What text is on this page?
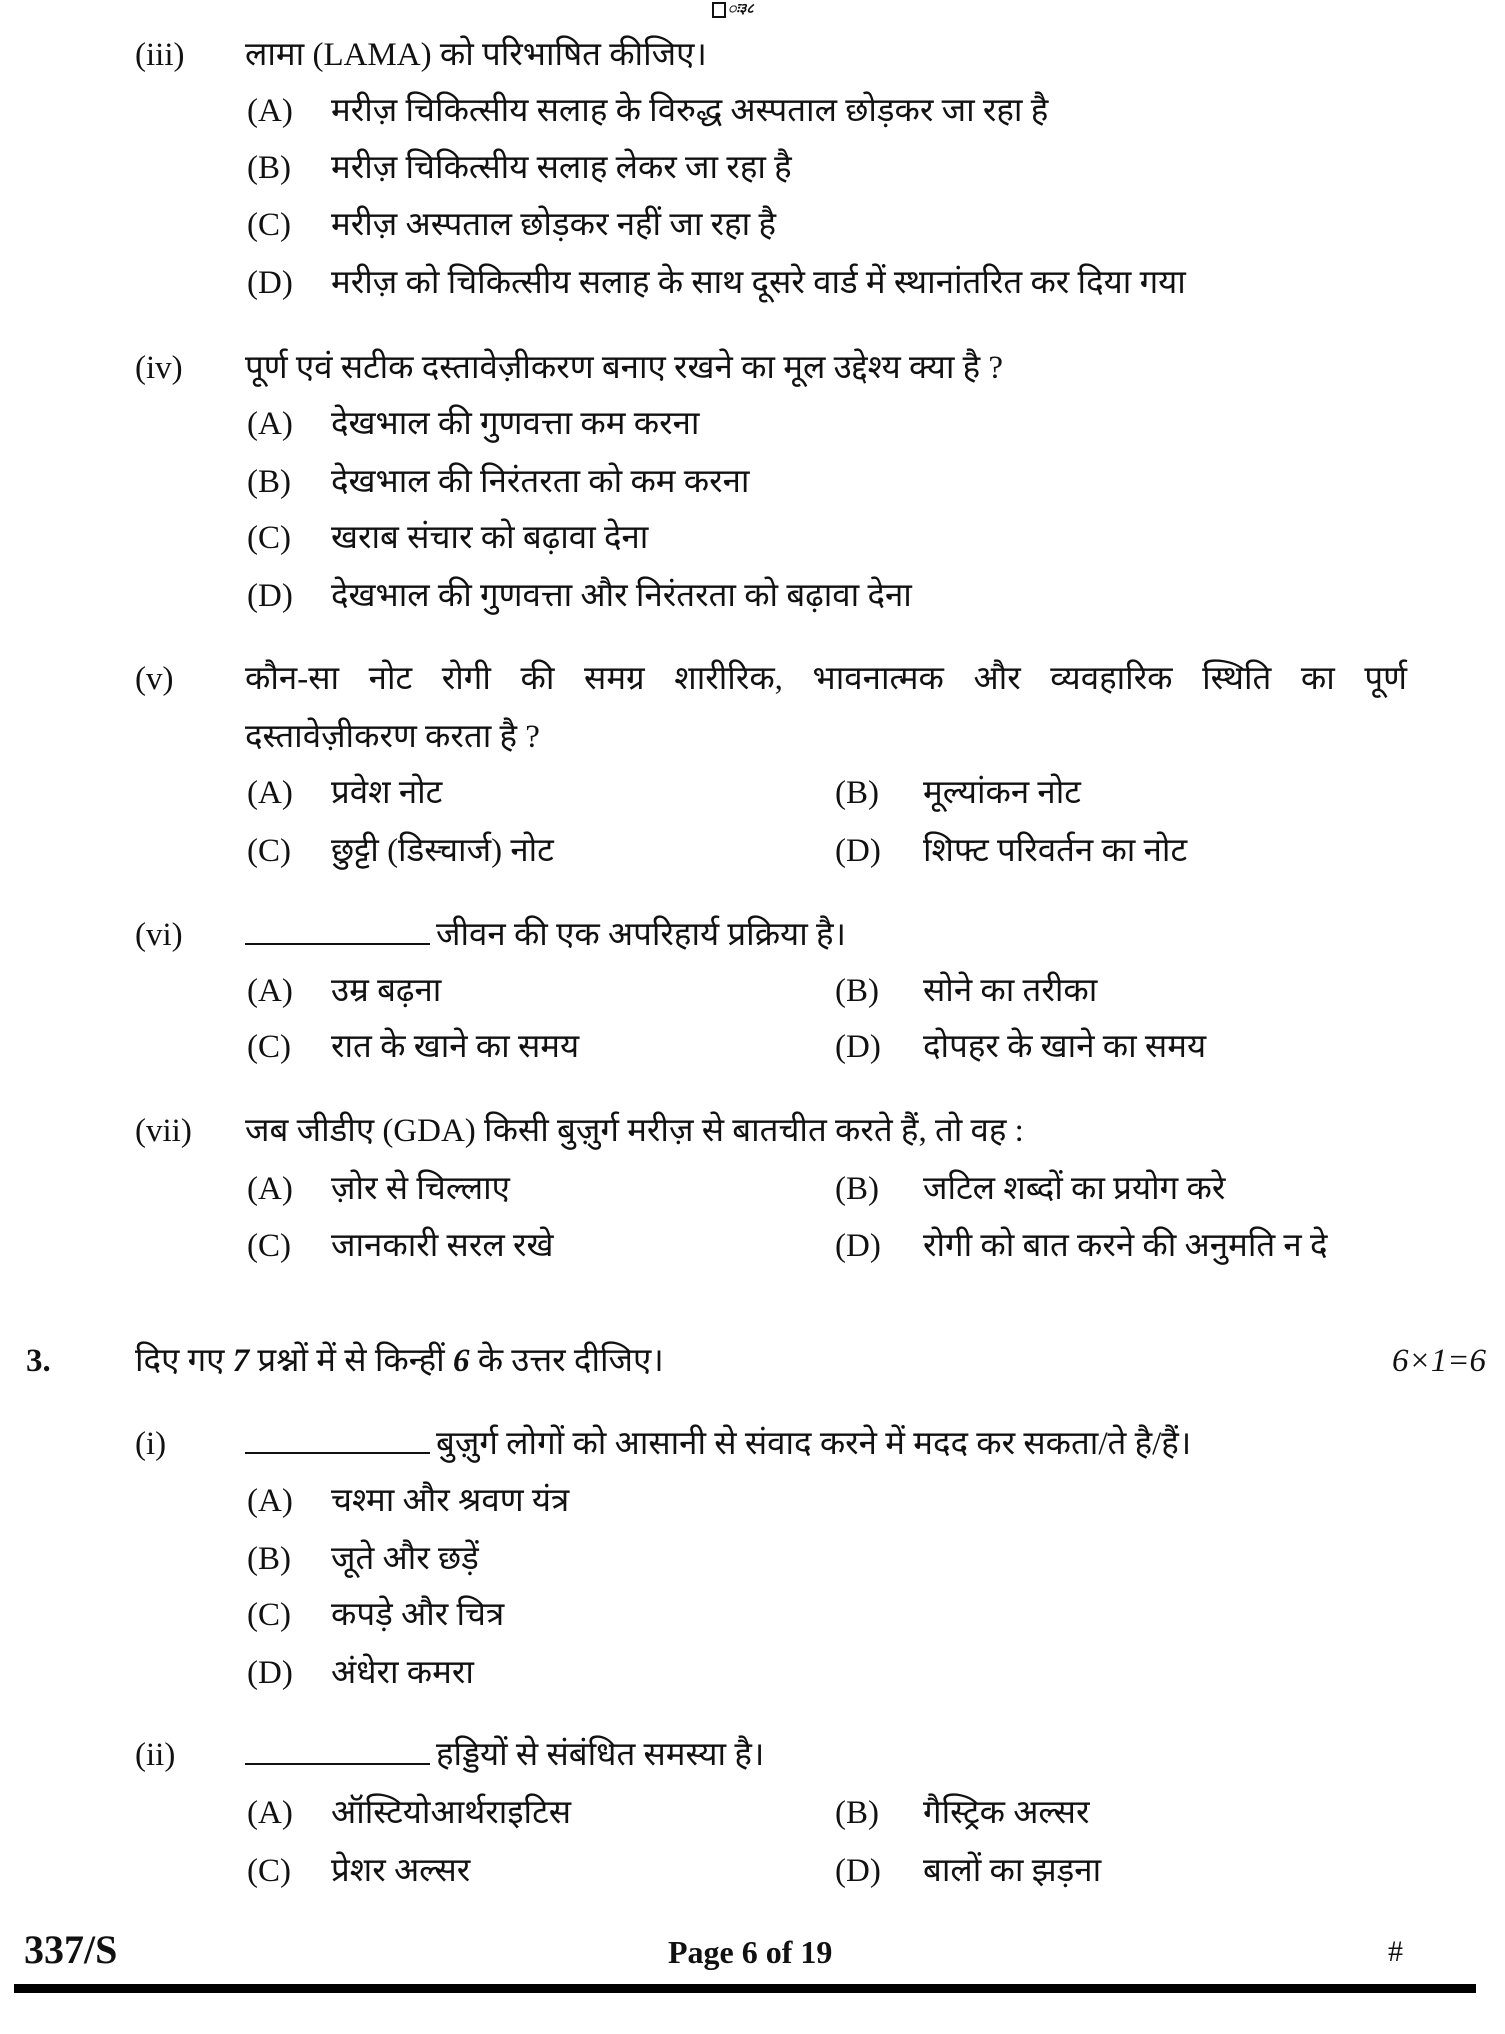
ः३८
(iii) लामा (LAMA) को परिभाषित कीजिए।
(A) मरीज़ चिकित्सीय सलाह के विरुद्ध अस्पताल छोड़कर जा रहा है
(B) मरीज़ चिकित्सीय सलाह लेकर जा रहा है
(C) मरीज़ अस्पताल छोड़कर नहीं जा रहा है
(D) मरीज़ को चिकित्सीय सलाह के साथ दूसरे वार्ड में स्थानांतरित कर दिया गया
(iv) पूर्ण एवं सटीक दस्तावेज़ीकरण बनाए रखने का मूल उद्देश्य क्या है ?
(A) देखभाल की गुणवत्ता कम करना
(B) देखभाल की निरंतरता को कम करना
(C) खराब संचार को बढ़ावा देना
(D) देखभाल की गुणवत्ता और निरंतरता को बढ़ावा देना
(v) कौन-सा नोट रोगी की समग्र शारीरिक, भावनात्मक और व्यवहारिक स्थिति का पूर्ण
दस्तावेज़ीकरण करता है ?
(A) प्रवेश नोट	(B) मूल्यांकन नोट
(C) छुट्टी (डिस्चार्ज) नोट	(D) शिफ्ट परिवर्तन का नोट
(vi)	जीवन की एक अपरिहार्य प्रक्रिया है।
(A) उम्र बढ़ना	(B) सोने का तरीका
(C) रात के खाने का समय	(D) दोपहर के खाने का समय
(vii) जब जीडीए (GDA) किसी बुज़ुर्ग मरीज़ से बातचीत करते हैं, तो वह :
(A) ज़ोर से चिल्लाए	(B) जटिल शब्दों का प्रयोग करे
(C) जानकारी सरल रखे	(D) रोगी को बात करने की अनुमति न दे
3.	दिए गए 7 प्रश्नों में से किन्हीं 6 के उत्तर दीजिए।	6×1=6
(i)	बुज़ुर्ग लोगों को आसानी से संवाद करने में मदद कर सकता/ते है/हैं।
(A) चश्मा और श्रवण यंत्र
(B) जूते और छड़ें
(C) कपड़े और चित्र
(D) अंधेरा कमरा
(ii)	हड्डियों से संबंधित समस्या है।
(A) ऑस्टियोआर्थराइटिस	(B) गैस्ट्रिक अल्सर
(C) प्रेशर अल्सर	(D) बालों का झड़ना
337/S	Page 6 of 19	#
